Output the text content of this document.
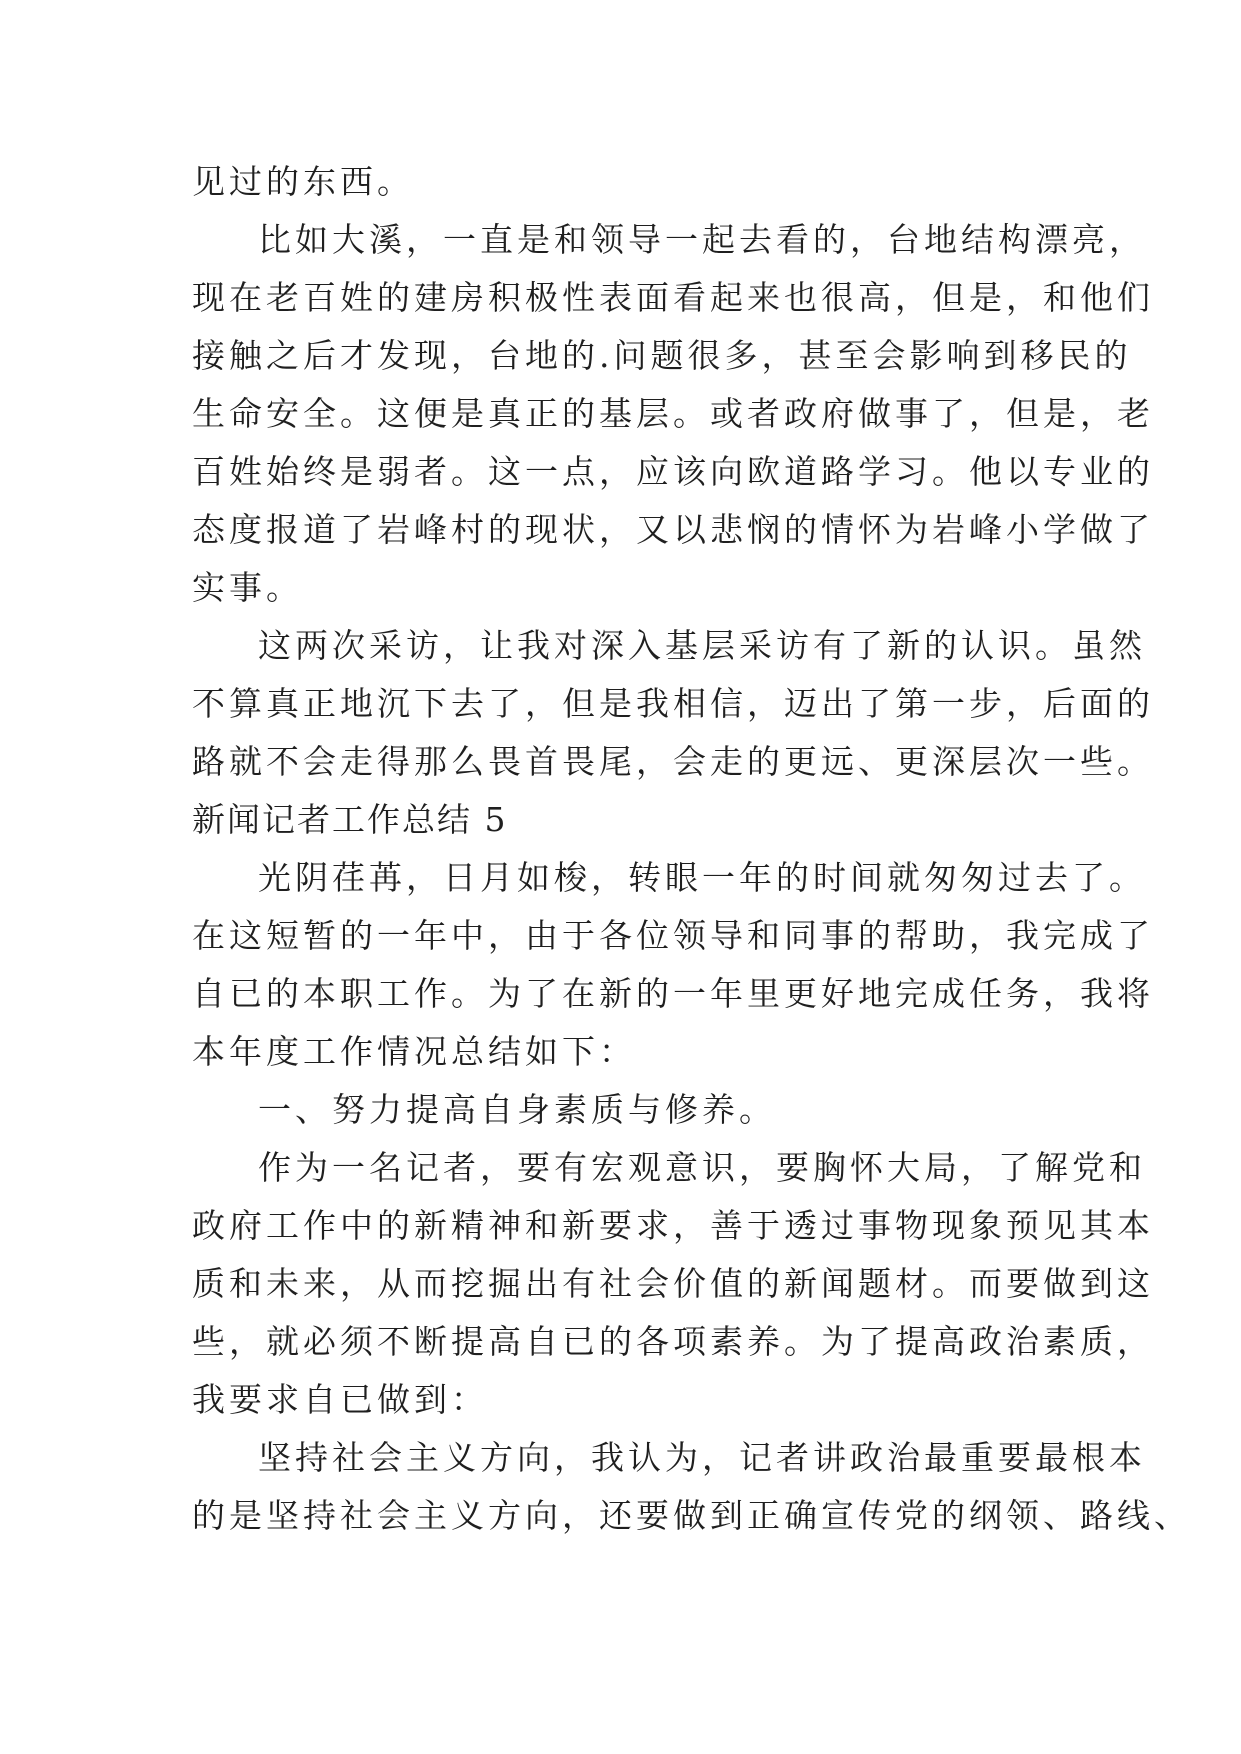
见过的东西。
比如大溪，一直是和领导一起去看的，台地结构漂亮，
现在老百姓的建房积极性表面看起来也很高，但是，和他们
接触之后才发现，台地的.问题很多，甚至会影响到移民的
生命安全。这便是真正的基层。或者政府做事了，但是，老
百姓始终是弱者。这一点，应该向欧道路学习。他以专业的
态度报道了岩峰村的现状，又以悲悯的情怀为岩峰小学做了
实事。
这两次采访，让我对深入基层采访有了新的认识。虽然
不算真正地沉下去了，但是我相信，迈出了第一步，后面的
路就不会走得那么畏首畏尾，会走的更远、更深层次一些。
新闻记者工作总结 5
光阴荏苒，日月如梭，转眼一年的时间就匆匆过去了。
在这短暂的一年中，由于各位领导和同事的帮助，我完成了
自已的本职工作。为了在新的一年里更好地完成任务，我将
本年度工作情况总结如下：
一、努力提高自身素质与修养。
作为一名记者，要有宏观意识，要胸怀大局，了解党和
政府工作中的新精神和新要求，善于透过事物现象预见其本
质和未来，从而挖掘出有社会价值的新闻题材。而要做到这
些，就必须不断提高自已的各项素养。为了提高政治素质，
我要求自已做到：
坚持社会主义方向，我认为，记者讲政治最重要最根本
的是坚持社会主义方向，还要做到正确宣传党的纲领、路线、
